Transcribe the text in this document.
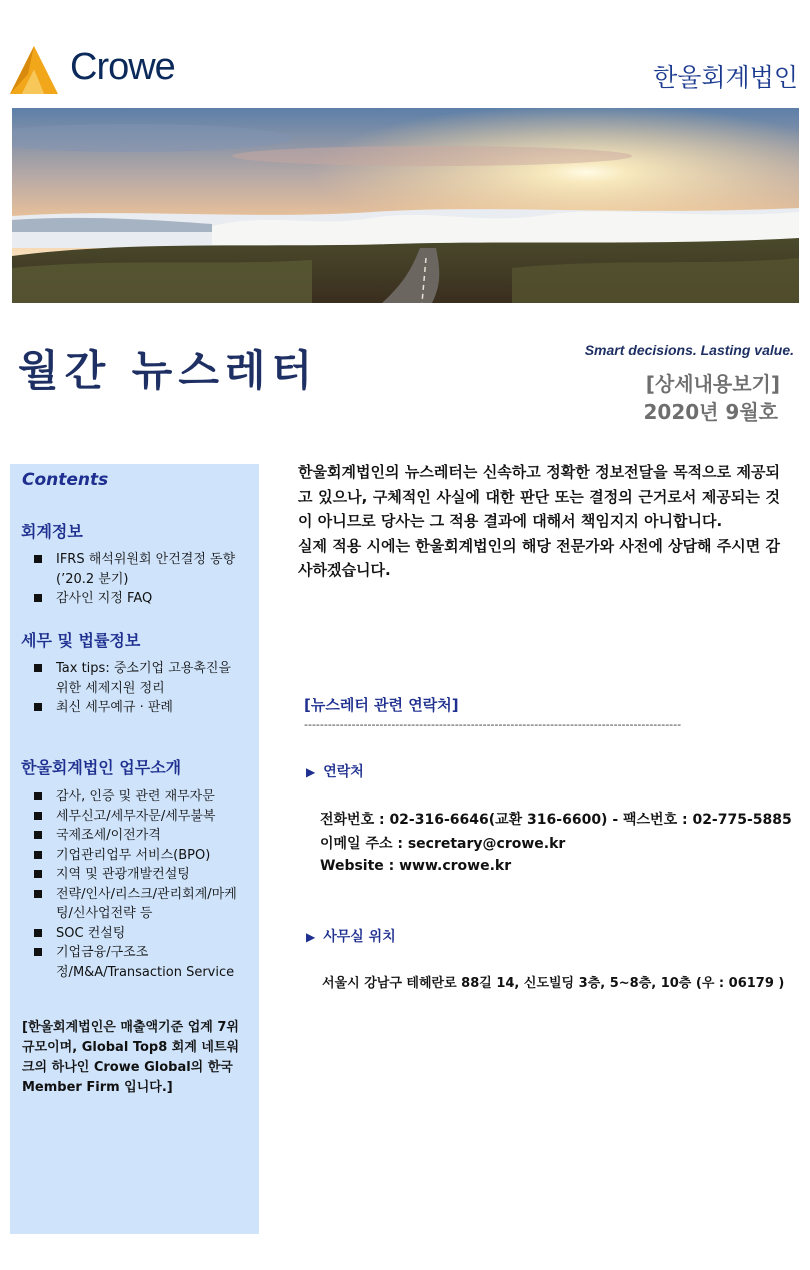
Crowe	한울회계법인
월간 뉴스레터	Smart decisions. Lasting value.
[상세내용보기]
2020년 9월호
Contents
회계정보
IFRS 해석위원회 안건결정 동향 (’20.2 분기)
감사인 지정 FAQ
세무 및 법률정보
Tax tips: 중소기업 고용촉진을 위한 세제지원 정리
최신 세무예규 · 판례
한울회계법인 업무소개
감사, 인증 및 관련 재무자문
세무신고/세무자문/세무불복
국제조세/이전가격
기업관리업무 서비스(BPO)
지역 및 관광개발컨설팅
전략/인사/리스크/관리회계/마케팅/신사업전략 등
SOC 컨설팅
기업금융/구조조정/M&A/Transaction Service
[한울회계법인은 매출액기준 업계 7위 규모이며, Global Top8 회계 네트워크의 하나인 Crowe Global의 한국 Member Firm 입니다.]

한울회계법인의 뉴스레터는 신속하고 정확한 정보전달을 목적으로 제공되고 있으나, 구체적인 사실에 대한 판단 또는 결정의 근거로서 제공되는 것이 아니므로 당사는 그 적용 결과에 대해서 책임지지 아니합니다.

실제 적용 시에는 한울회계법인의 해당 전문가와 사전에 상담해 주시면 감사하겠습니다.

[뉴스레터 관련 연락처]
-----------------------------------------------------------------------------------------------
▶ 연락처
전화번호 : 02-316-6646(교환 316-6600) - 팩스번호 : 02-775-5885
이메일 주소 : secretary@crowe.kr
Website : www.crowe.kr
▶ 사무실 위치
서울시 강남구 테헤란로 88길 14, 신도빌딩 3층, 5~8층, 10층 (우 : 06179 )
